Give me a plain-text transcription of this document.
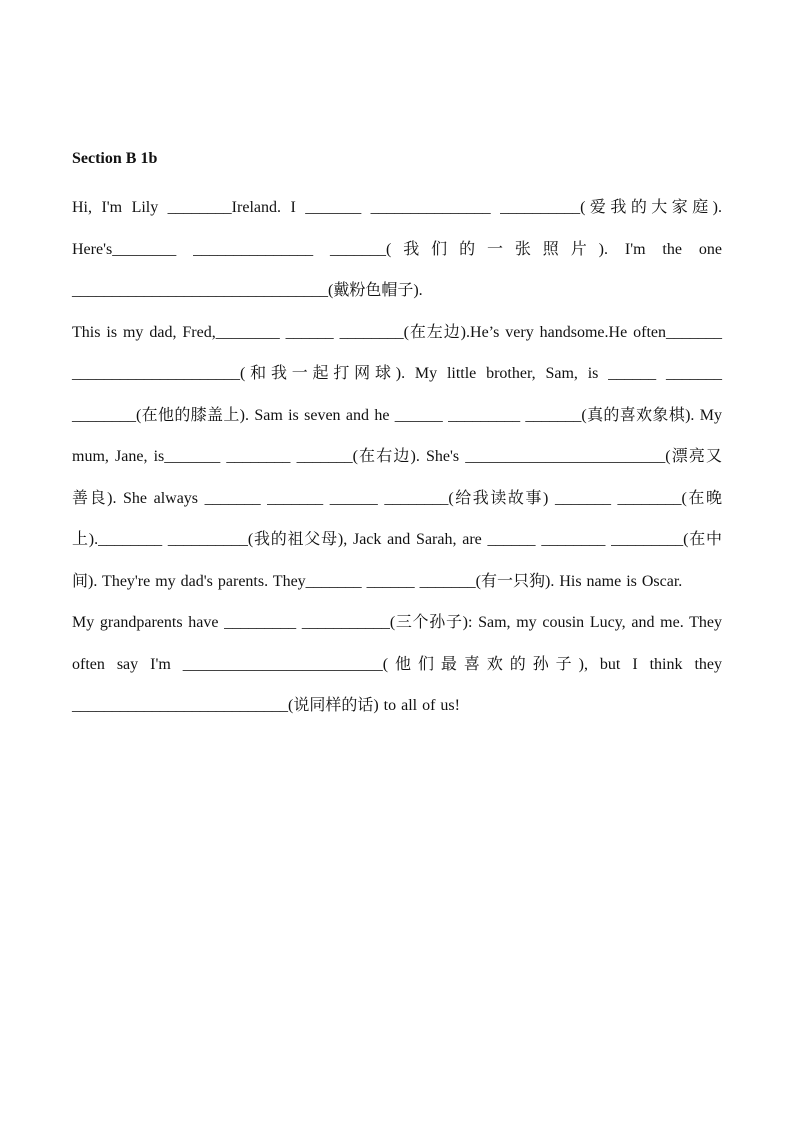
Section B 1b

Hi, I'm Lily ________Ireland. I _______ _______________ __________(爱我的大家庭). Here's________ _______________ _______(我们的一张照片). I'm the one ________________________________(戴粉色帽子).

This is my dad, Fred,________ ______ ________(在左边).He’s very handsome.He often_______ _____________________(和我一起打网球). My little brother, Sam, is ______ _______ ________(在他的膝盖上). Sam is seven and he ______ _________ _______(真的喜欢象棋). My mum, Jane, is_______ ________ _______(在右边). She's _________________________(漂亮又善良). She always _______ _______ ______ ________(给我读故事) _______ ________(在晚上).________ __________(我的祖父母), Jack and Sarah, are ______ ________ _________(在中间). They're my dad's parents. They_______ ______ _______(有一只狗). His name is Oscar.

My grandparents have _________ ___________(三个孙子): Sam, my cousin Lucy, and me. They often say I'm _________________________(他们最喜欢的孙子), but I think they ___________________________(说同样的话) to all of us!
